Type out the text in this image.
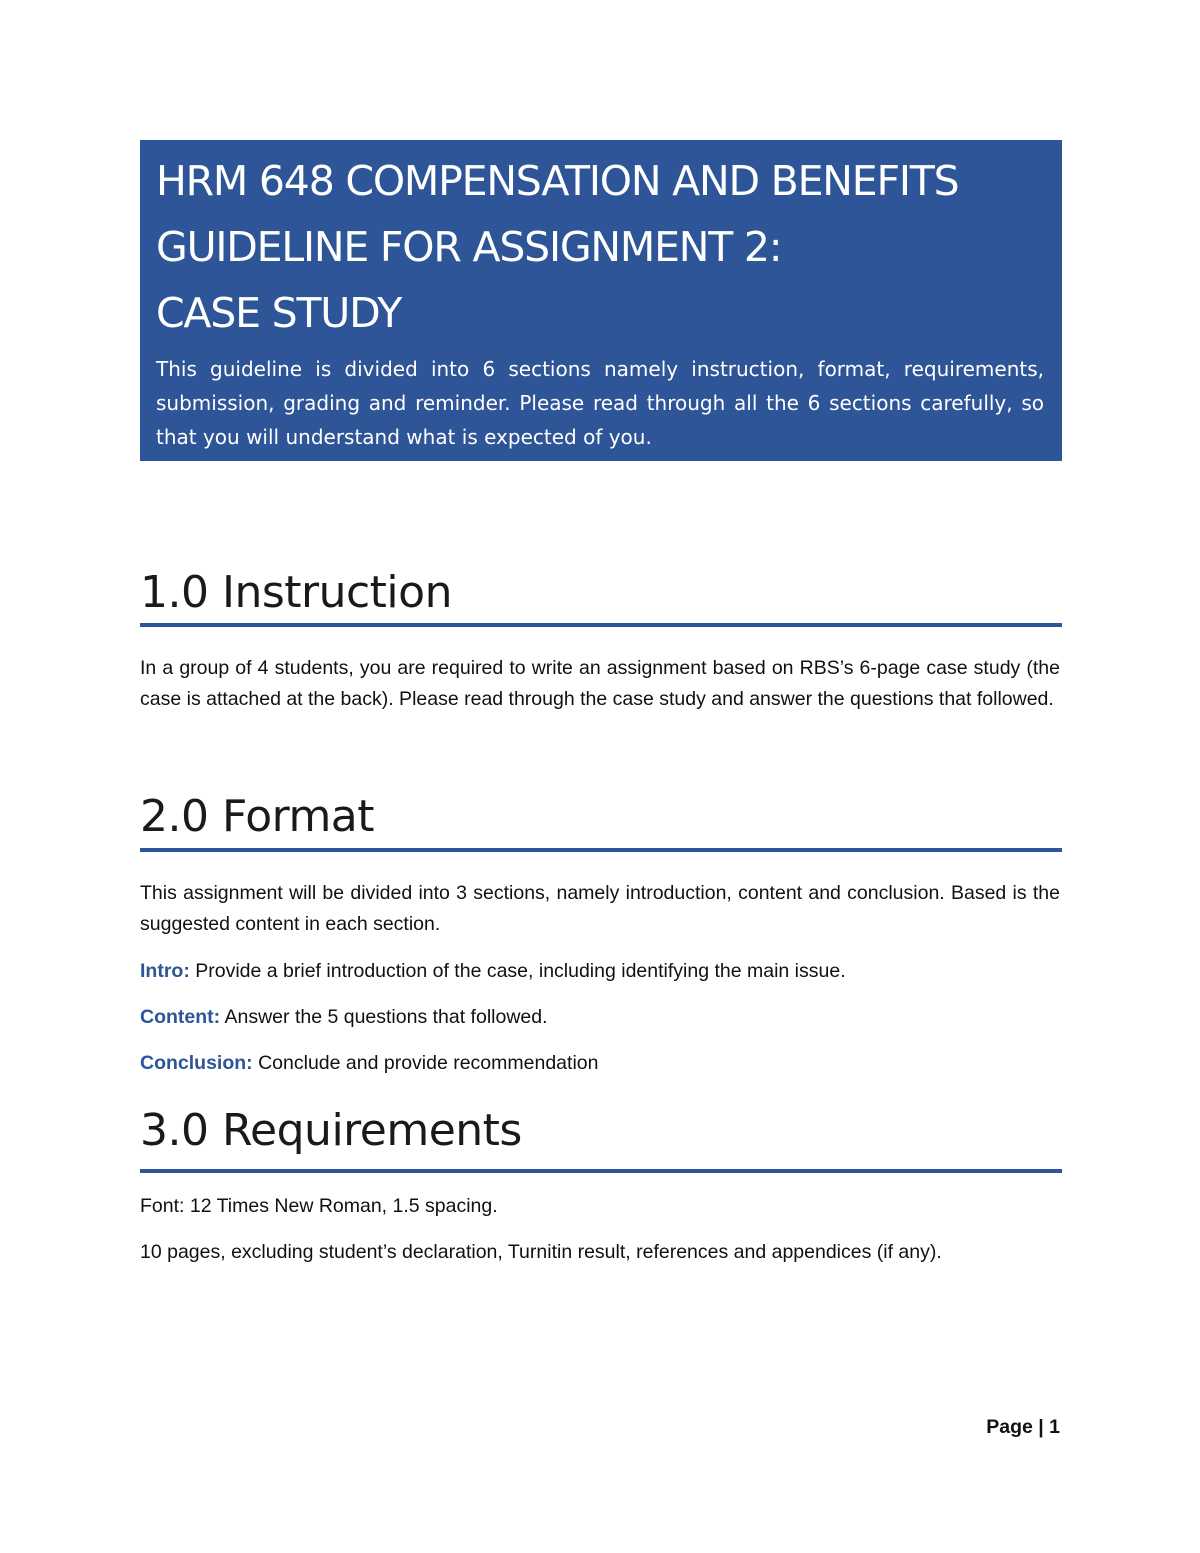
HRM 648 COMPENSATION AND BENEFITS

GUIDELINE FOR ASSIGNMENT 2:

CASE STUDY

This guideline is divided into 6 sections namely instruction, format, requirements, submission, grading and reminder. Please read through all the 6 sections carefully, so that you will understand what is expected of you.

1.0 Instruction

In a group of 4 students, you are required to write an assignment based on RBS’s 6-page case study (the case is attached at the back). Please read through the case study and answer the questions that followed.

2.0 Format

This assignment will be divided into 3 sections, namely introduction, content and conclusion. Based is the suggested content in each section.

Intro: Provide a brief introduction of the case, including identifying the main issue.

Content: Answer the 5 questions that followed.

Conclusion: Conclude and provide recommendation

3.0 Requirements

Font: 12 Times New Roman, 1.5 spacing.

10 pages, excluding student’s declaration, Turnitin result, references and appendices (if any).

Page | 1
